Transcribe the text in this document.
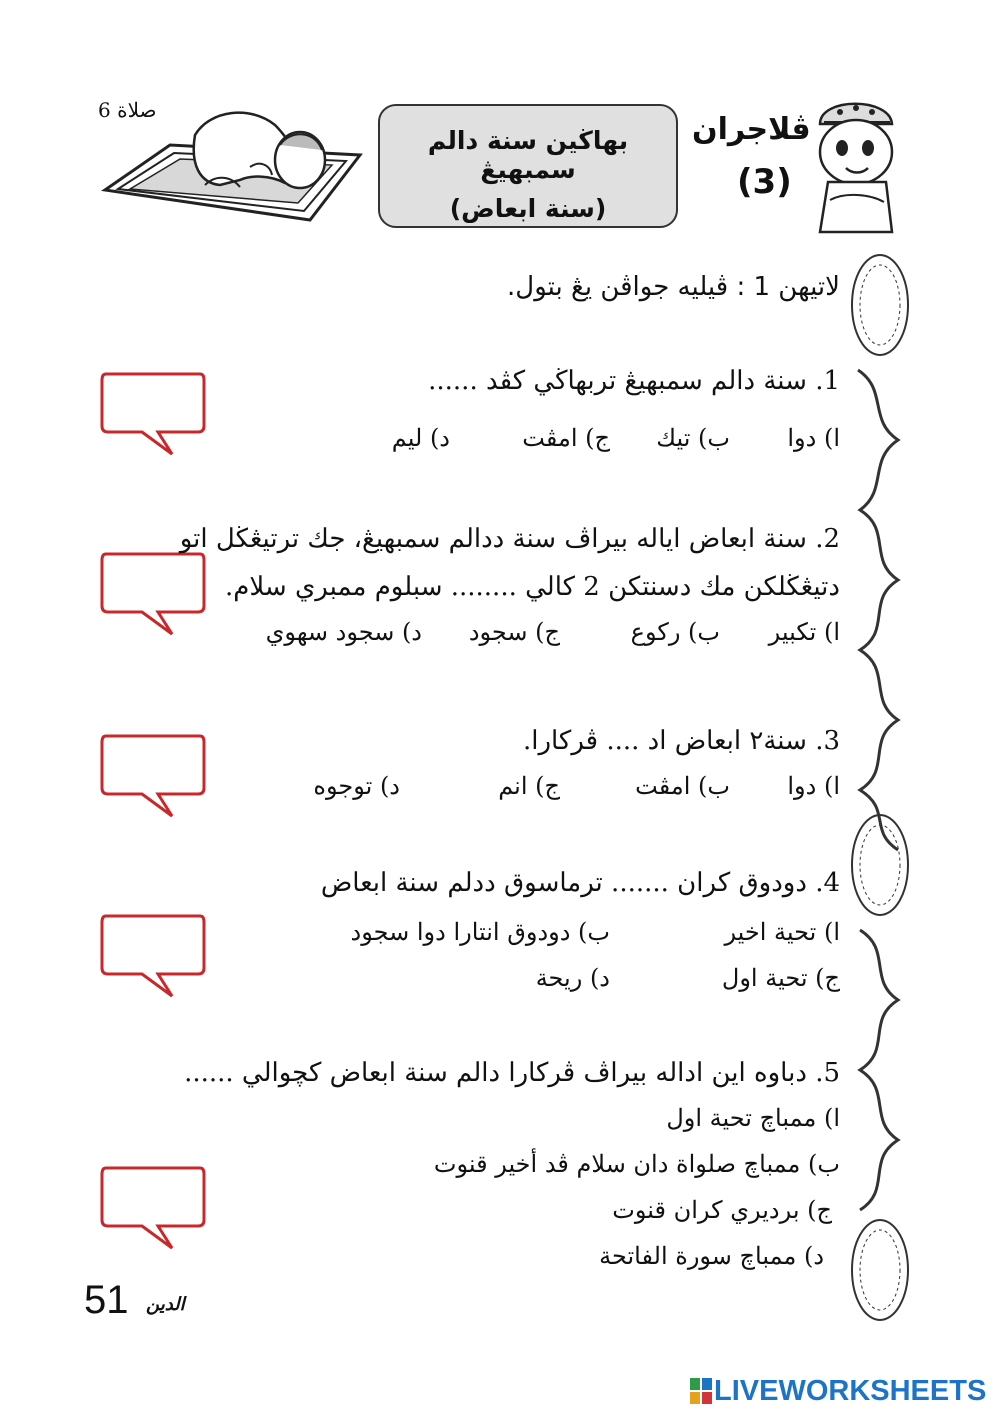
صلاة 6
بهاڬين سنة دالم سمبهيڠ
(سنة ابعاض)
ڤلاجران
(3)
لاتيهن 1 : ڤيليه جواڤن يڠ بتول.
1. سنة دالم سمبهيڠ تربهاڬي كڤد ......
ا) دوا
ب) تيك
ج) امڤت
د) ليم
2. سنة ابعاض اياله بيراڤ سنة ددالم سمبهيڠ، جك ترتيڠڬل اتو
دتيڠڬلكن مك دسنتكن 2 كالي ........ سبلوم ممبري سلام.
ا) تكبير
ب) ركوع
ج) سجود
د) سجود سهوي
3. سنة٢ ابعاض اد .... ڤركارا.
ا) دوا
ب) امڤت
ج) انم
د) توجوه
4. دودوق كران ....... ترماسوق ددلم سنة ابعاض
ا) تحية اخير
ب) دودوق انتارا دوا سجود
ج) تحية اول
د) ريحة
5. دباوه اين اداله بيراڤ ڤركارا دالم سنة ابعاض كچوالي ......
ا) ممباچ تحية اول
ب) ممباچ صلواة دان سلام ڤد أخير قنوت
ج) برديري كران قنوت
د) ممباچ سورة الفاتحة
51 الدين
LIVEWORKSHEETS
